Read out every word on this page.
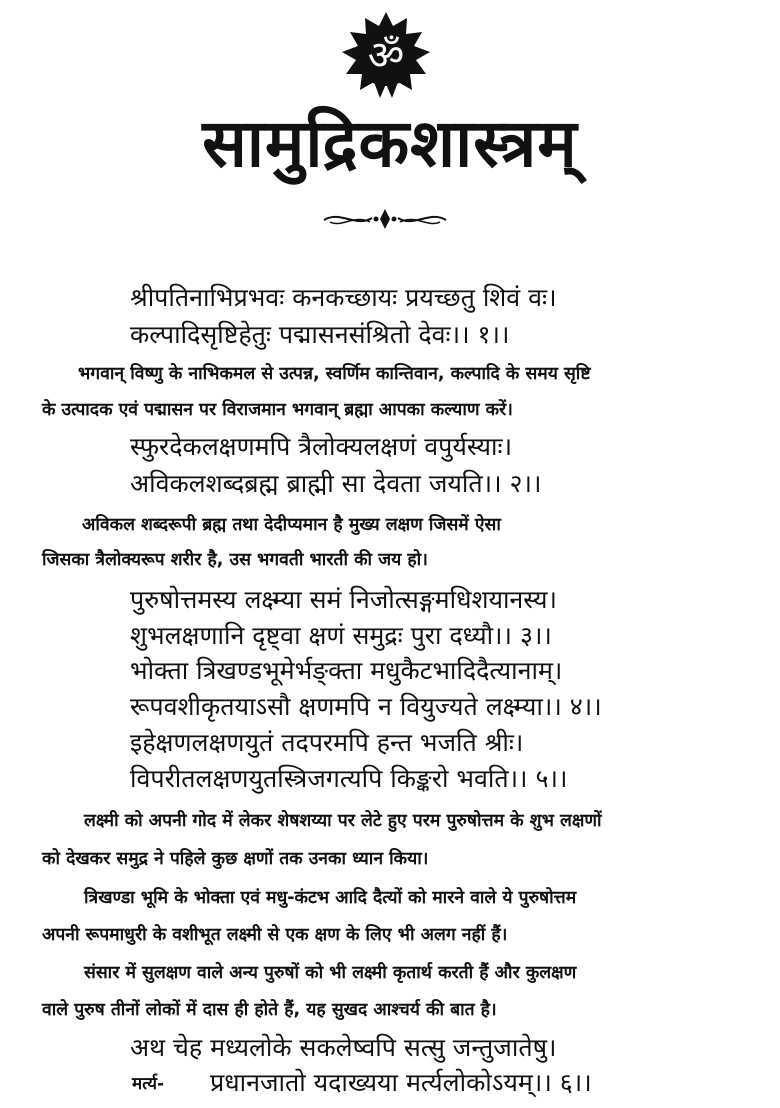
ॐ
सामुद्रिकशास्त्रम्
श्रीपतिनाभिप्रभवः कनकच्छायः प्रयच्छतु शिवं वः।
कल्पादिसृष्टिहेतुः पद्मासनसंश्रितो देवः।। १।।
भगवान् विष्णु के नाभिकमल से उत्पन्न, स्वर्णिम कान्तिवान, कल्पादि के समय सृष्टि
के उत्पादक एवं पद्मासन पर विराजमान भगवान् ब्रह्मा आपका कल्याण करें।
स्फुरदेकलक्षणमपि त्रैलोक्यलक्षणं वपुर्यस्याः।
अविकलशब्दब्रह्म ब्राह्मी सा देवता जयति।। २।।
अविकल शब्दरूपी ब्रह्म तथा देदीप्यमान है मुख्य लक्षण जिसमें ऐसा
जिसका त्रैलोक्यरूप शरीर है, उस भगवती भारती की जय हो।
पुरुषोत्तमस्य लक्ष्म्या समं निजोत्सङ्गमधिशयानस्य।
शुभलक्षणानि दृष्ट्वा क्षणं समुद्रः पुरा दध्यौ।। ३।।
भोक्ता त्रिखण्डभूमेर्भङ्क्ता मधुकैटभादिदैत्यानाम्।
रूपवशीकृतयाऽसौ क्षणमपि न वियुज्यते लक्ष्म्या।। ४।।
इहेक्षणलक्षणयुतं तदपरमपि हन्त भजति श्रीः।
विपरीतलक्षणयुतस्त्रिजगत्यपि किङ्करो भवति।। ५।।
लक्ष्मी को अपनी गोद में लेकर शेषशय्या पर लेटे हुए परम पुरुषोत्तम के शुभ लक्षणों
को देखकर समुद्र ने पहिले कुछ क्षणों तक उनका ध्यान किया।
त्रिखण्डा भूमि के भोक्ता एवं मधु-कंटभ आदि दैत्यों को मारने वाले ये पुरुषोत्तम
अपनी रूपमाधुरी के वशीभूत लक्ष्मी से एक क्षण के लिए भी अलग नहीं हैं।
संसार में सुलक्षण वाले अन्य पुरुषों को भी लक्ष्मी कृतार्थ करती हैं और कुलक्षण
वाले पुरुष तीनों लोकों में दास ही होते हैं, यह सुखद आश्चर्य की बात है।
अथ चेह मध्यलोके सकलेष्वपि सत्सु जन्तुजातेषु।
मर्त्य- प्रधानजातो यदाख्यया मर्त्यलोकोऽयम्।। ६।।
